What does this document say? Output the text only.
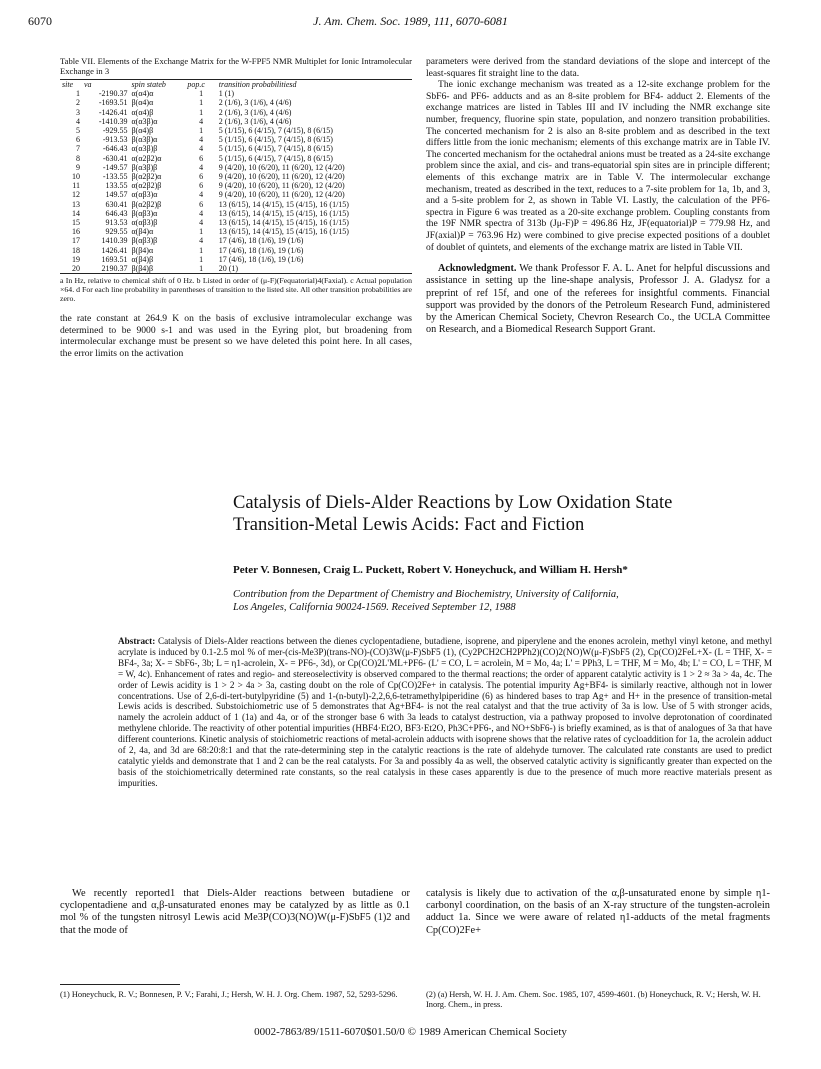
6070	J. Am. Chem. Soc. 1989, 111, 6070-6081
Table VII. Elements of the Exchange Matrix for the W-FPF5 NMR Multiplet for Ionic Intramolecular Exchange in 3
site	νa	spin stateb	pop.c	transition probabilitiesd
1	-2190.37	α(α4)α	1	1 (1)
2	-1693.51	β(α4)α	1	2 (1/6), 3 (1/6), 4 (4/6)
3	-1426.41	α(α4)β	1	2 (1/6), 3 (1/6), 4 (4/6)
4	-1410.39	α(α3β)α	4	2 (1/6), 3 (1/6), 4 (4/6)
5	-929.55	β(α4)β	1	5 (1/15), 6 (4/15), 7 (4/15), 8 (6/15)
6	-913.53	β(α3β)α	4	5 (1/15), 6 (4/15), 7 (4/15), 8 (6/15)
7	-646.43	α(α3β)β	4	5 (1/15), 6 (4/15), 7 (4/15), 8 (6/15)
8	-630.41	α(α2β2)α	6	5 (1/15), 6 (4/15), 7 (4/15), 8 (6/15)
9	-149.57	β(α3β)β	4	9 (4/20), 10 (6/20), 11 (6/20), 12 (4/20)
10	-133.55	β(α2β2)α	6	9 (4/20), 10 (6/20), 11 (6/20), 12 (4/20)
11	133.55	α(α2β2)β	6	9 (4/20), 10 (6/20), 11 (6/20), 12 (4/20)
12	149.57	α(αβ3)α	4	9 (4/20), 10 (6/20), 11 (6/20), 12 (4/20)
13	630.41	β(α2β2)β	6	13 (6/15), 14 (4/15), 15 (4/15), 16 (1/15)
14	646.43	β(αβ3)α	4	13 (6/15), 14 (4/15), 15 (4/15), 16 (1/15)
15	913.53	α(αβ3)β	4	13 (6/15), 14 (4/15), 15 (4/15), 16 (1/15)
16	929.55	α(β4)α	1	13 (6/15), 14 (4/15), 15 (4/15), 16 (1/15)
17	1410.39	β(αβ3)β	4	17 (4/6), 18 (1/6), 19 (1/6)
18	1426.41	β(β4)α	1	17 (4/6), 18 (1/6), 19 (1/6)
19	1693.51	α(β4)β	1	17 (4/6), 18 (1/6), 19 (1/6)
20	2190.37	β(β4)β	1	20 (1)
a In Hz, relative to chemical shift of 0 Hz. b Listed in order of (μ-F)(Fequatorial)4(Faxial). c Actual population ×64. d For each line probability in parentheses of transition to the listed site. All other transition probabilities are zero.

the rate constant at 264.9 K on the basis of exclusive intramolecular exchange was determined to be 9000 s-1 and was used in the Eyring plot, but broadening from intermolecular exchange must be present so we have deleted this point here. In all cases, the error limits on the activation

parameters were derived from the standard deviations of the slope and intercept of the least-squares fit straight line to the data.

The ionic exchange mechanism was treated as a 12-site exchange problem for the SbF6- and PF6- adducts and as an 8-site problem for BF4- adduct 2. Elements of the exchange matrices are listed in Tables III and IV including the NMR exchange site number, frequency, fluorine spin state, population, and nonzero transition probabilities. The concerted mechanism for 2 is also an 8-site problem and as described in the text differs little from the ionic mechanism; elements of this exchange matrix are in Table IV. The concerted mechanism for the octahedral anions must be treated as a 24-site exchange problem since the axial, and cis- and trans-equatorial spin sites are in principle different; elements of this exchange matrix are in Table V. The intermolecular exchange mechanism, treated as described in the text, reduces to a 7-site problem for 1a, 1b, and 3, and a 5-site problem for 2, as shown in Table VI. Lastly, the calculation of the PF6- spectra in Figure 6 was treated as a 20-site exchange problem. Coupling constants from the 19F NMR spectra of 313b (Jμ-F)P = 496.86 Hz, JF(equatorial)P = 779.98 Hz, and JF(axial)P = 763.96 Hz) were combined to give precise expected positions of a doublet of doublet of quintets, and elements of the exchange matrix are listed in Table VII.

Acknowledgment. We thank Professor F. A. L. Anet for helpful discussions and assistance in setting up the line-shape analysis, Professor J. A. Gladysz for a preprint of ref 15f, and one of the referees for insightful comments. Financial support was provided by the donors of the Petroleum Research Fund, administered by the American Chemical Society, Chevron Research Co., the UCLA Committee on Research, and a Biomedical Research Support Grant.

Catalysis of Diels-Alder Reactions by Low Oxidation State
Transition-Metal Lewis Acids: Fact and Fiction
Peter V. Bonnesen, Craig L. Puckett, Robert V. Honeychuck, and William H. Hersh*
Contribution from the Department of Chemistry and Biochemistry, University of California,
Los Angeles, California 90024-1569. Received September 12, 1988
Abstract: Catalysis of Diels-Alder reactions between the dienes cyclopentadiene, butadiene, isoprene, and piperylene and the enones acrolein, methyl vinyl ketone, and methyl acrylate is induced by 0.1-2.5 mol % of mer-(cis-Me3P)(trans-NO)-(CO)3W(μ-F)SbF5 (1), (Cy2PCH2CH2PPh2)(CO)2(NO)W(μ-F)SbF5 (2), Cp(CO)2FeL+X- (L = THF, X- = BF4-, 3a; X- = SbF6-, 3b; L = η1-acrolein, X- = PF6-, 3d), or Cp(CO)2L'ML+PF6- (L' = CO, L = acrolein, M = Mo, 4a; L' = PPh3, L = THF, M = Mo, 4b; L' = CO, L = THF, M = W, 4c). Enhancement of rates and regio- and stereoselectivity is observed compared to the thermal reactions; the order of apparent catalytic activity is 1 > 2 ≈ 3a > 4a, 4c. The order of Lewis acidity is 1 > 2 > 4a > 3a, casting doubt on the role of Cp(CO)2Fe+ in catalysis. The potential impurity Ag+BF4- is similarly reactive, although not in lower concentrations. Use of 2,6-di-tert-butylpyridine (5) and 1-(n-butyl)-2,2,6,6-tetramethylpiperidine (6) as hindered bases to trap Ag+ and H+ in the presence of transition-metal Lewis acids is described. Substoichiometric use of 5 demonstrates that Ag+BF4- is not the real catalyst and that the true activity of 3a is low. Use of 5 with stronger acids, namely the acrolein adduct of 1 (1a) and 4a, or of the stronger base 6 with 3a leads to catalyst destruction, via a pathway proposed to involve deprotonation of coordinated methylene chloride. The reactivity of other potential impurities (HBF4·Et2O, BF3·Et2O, Ph3C+PF6-, and NO+SbF6-) is briefly examined, as is that of analogues of 3a that have different counterions. Kinetic analysis of stoichiometric reactions of metal-acrolein adducts with isoprene shows that the relative rates of cycloaddition for 1a, the acrolein adduct of 2, 4a, and 3d are 68:20:8:1 and that the rate-determining step in the catalytic reactions is the rate of aldehyde turnover. The calculated rate constants are used to predict catalytic yields and demonstrate that 1 and 2 can be the real catalysts. For 3a and possibly 4a as well, the observed catalytic activity is significantly greater than expected on the basis of the stoichiometrically determined rate constants, so the real catalysis in these cases apparently is due to the presence of much more reactive materials present as impurities.

We recently reported1 that Diels-Alder reactions between butadiene or cyclopentadiene and α,β-unsaturated enones may be catalyzed by as little as 0.1 mol % of the tungsten nitrosyl Lewis acid Me3P(CO)3(NO)W(μ-F)SbF5 (1)2 and that the mode of

catalysis is likely due to activation of the α,β-unsaturated enone by simple η1-carbonyl coordination, on the basis of an X-ray structure of the tungsten-acrolein adduct 1a. Since we were aware of related η1-adducts of the metal fragments Cp(CO)2Fe+

(1) Honeychuck, R. V.; Bonnesen, P. V.; Farahi, J.; Hersh, W. H. J. Org. Chem. 1987, 52, 5293-5296.	(2) (a) Hersh, W. H. J. Am. Chem. Soc. 1985, 107, 4599-4601. (b) Honeychuck, R. V.; Hersh, W. H. Inorg. Chem., in press.
0002-7863/89/1511-6070$01.50/0 © 1989 American Chemical Society
